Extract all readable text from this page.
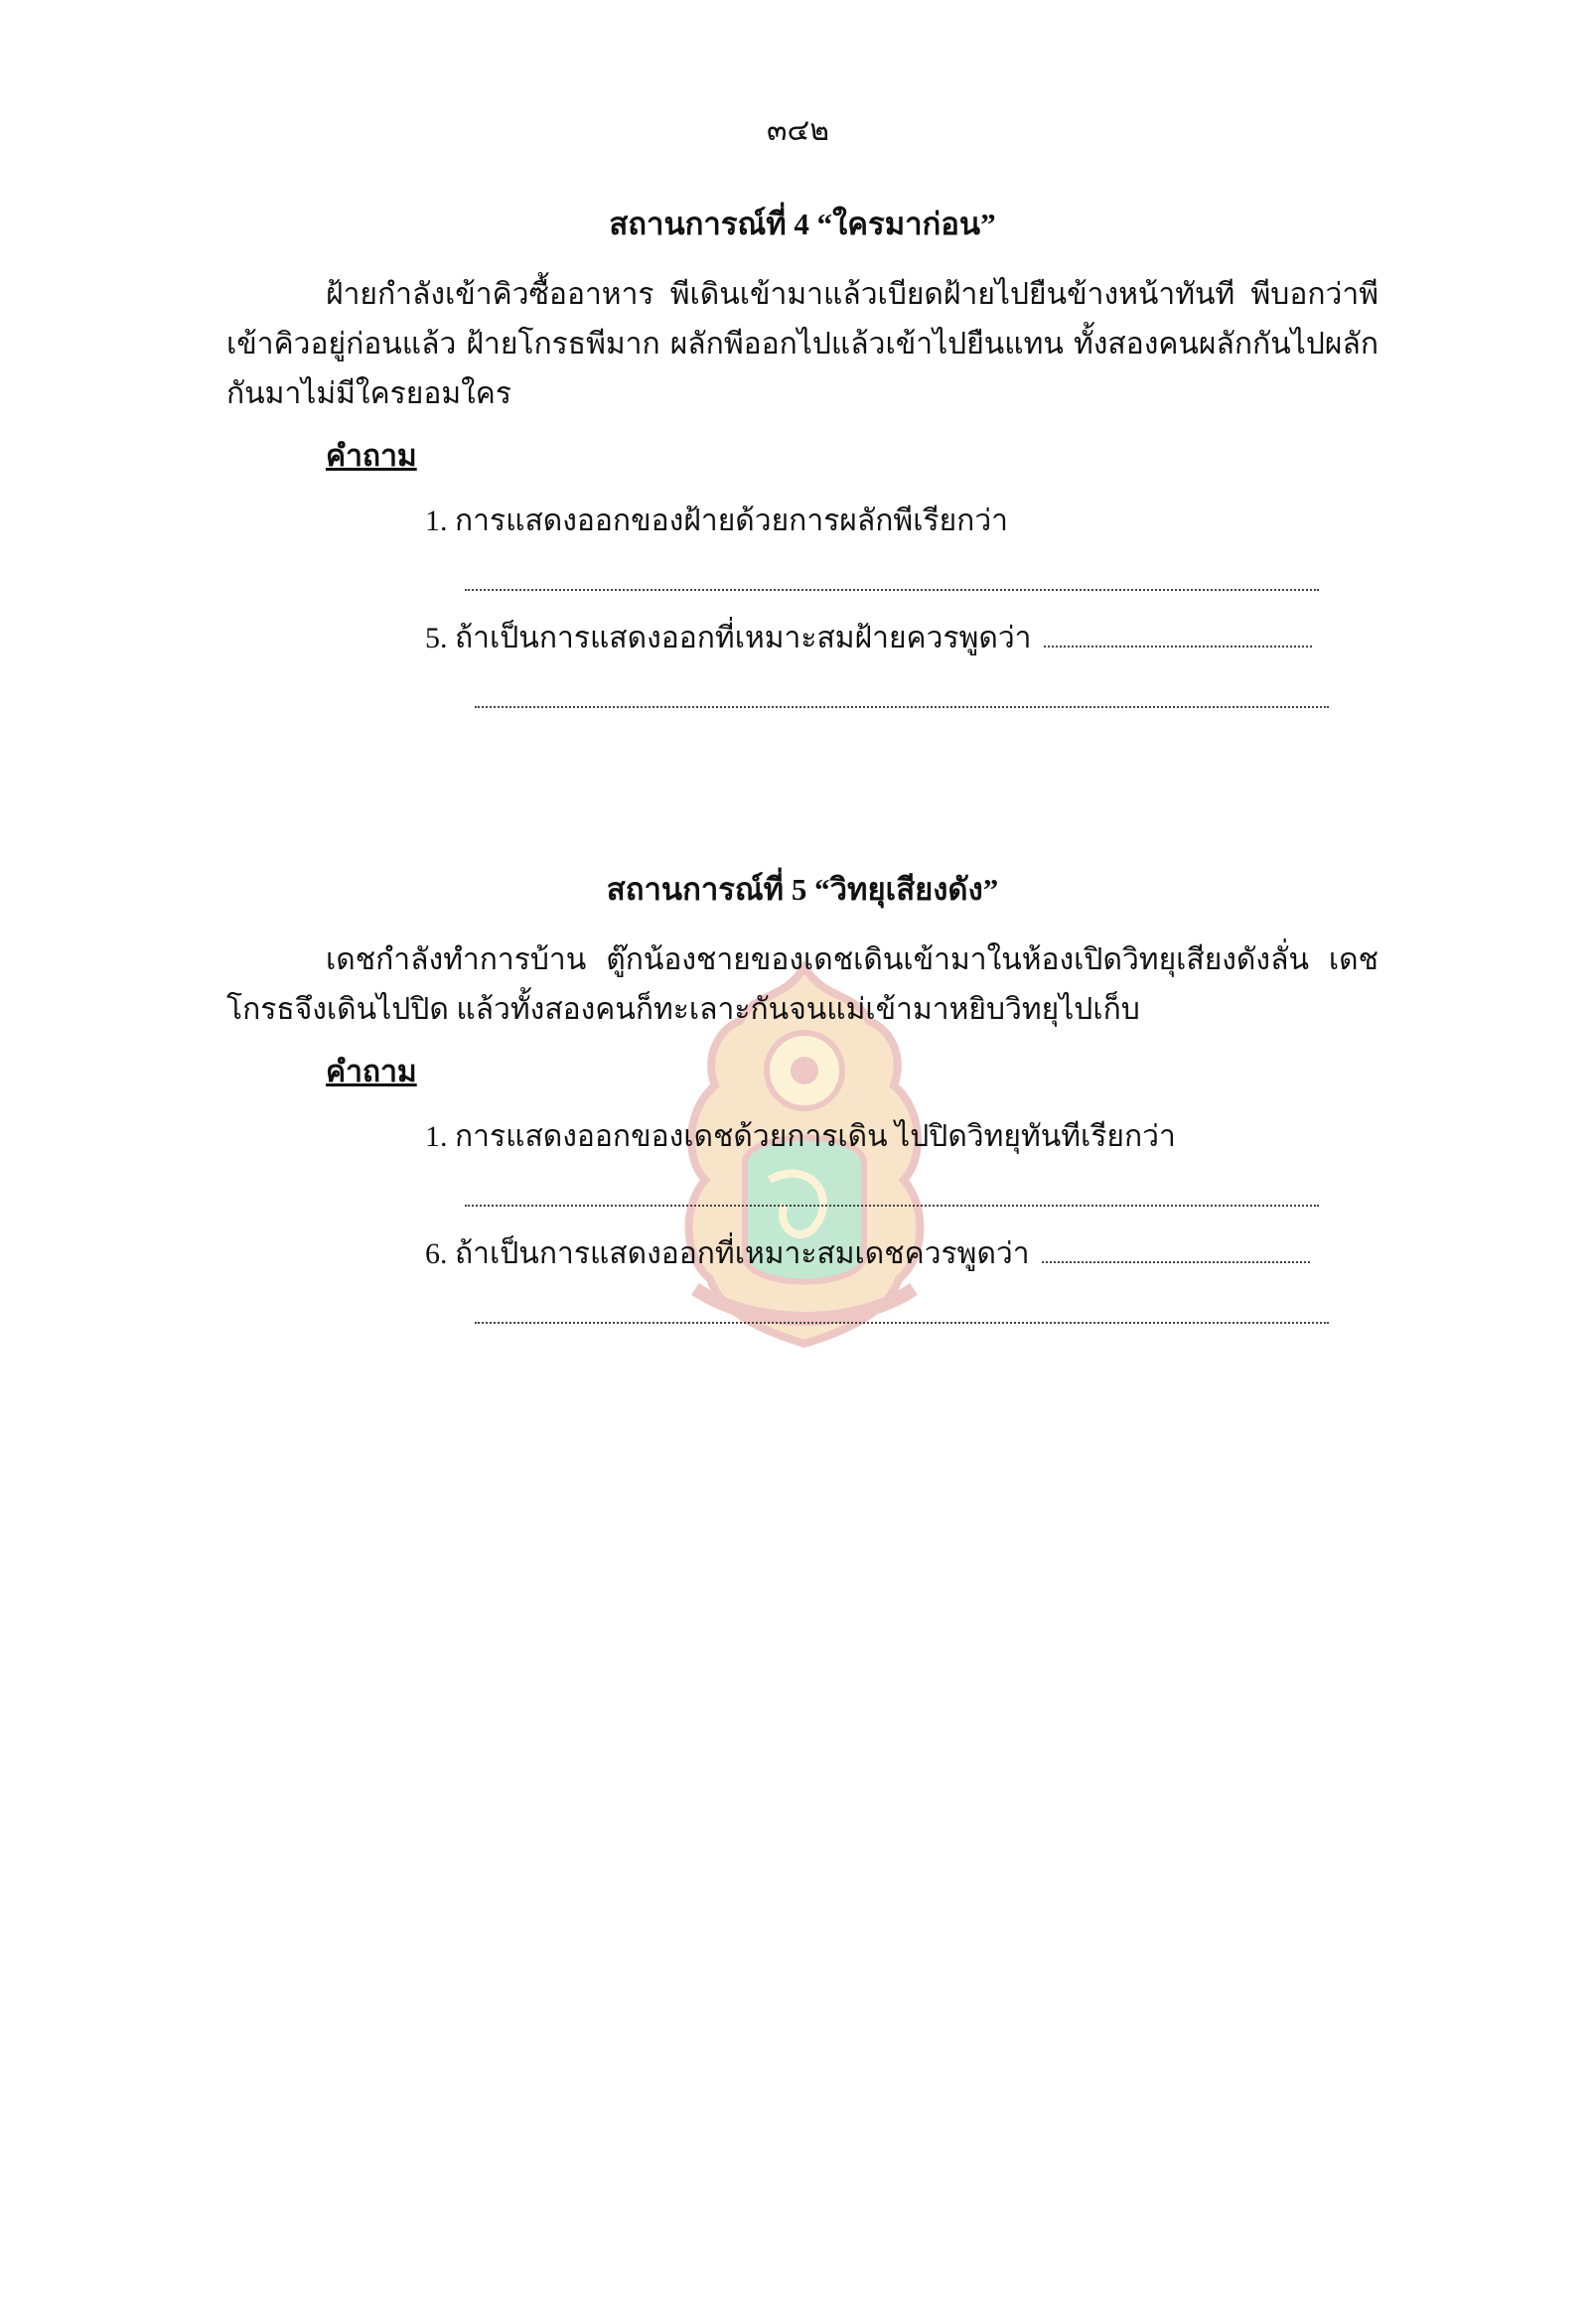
๓๔๒
สถานการณ์ที่ 4 “ใครมาก่อน”

ฝ้ายกำลังเข้าคิวซื้ออาหาร พีเดินเข้ามาแล้วเบียดฝ้ายไปยืนข้างหน้าทันที พีบอกว่าพีเข้าคิวอยู่ก่อนแล้ว ฝ้ายโกรธพีมาก ผลักพีออกไปแล้วเข้าไปยืนแทน ทั้งสองคนผลักกันไปผลักกันมาไม่มีใครยอมใคร

คำถาม
1. การแสดงออกของฝ้ายด้วยการผลักพีเรียกว่า
5. ถ้าเป็นการแสดงออกที่เหมาะสมฝ้ายควรพูดว่า
สถานการณ์ที่ 5 “วิทยุเสียงดัง”

เดชกำลังทำการบ้าน ตู๊กน้องชายของเดชเดินเข้ามาในห้องเปิดวิทยุเสียงดังลั่น เดชโกรธจึงเดินไปปิด แล้วทั้งสองคนก็ทะเลาะกันจนแม่เข้ามาหยิบวิทยุไปเก็บ

คำถาม
1. การแสดงออกของเดชด้วยการเดิน ไปปิดวิทยุทันทีเรียกว่า
6. ถ้าเป็นการแสดงออกที่เหมาะสมเดชควรพูดว่า
